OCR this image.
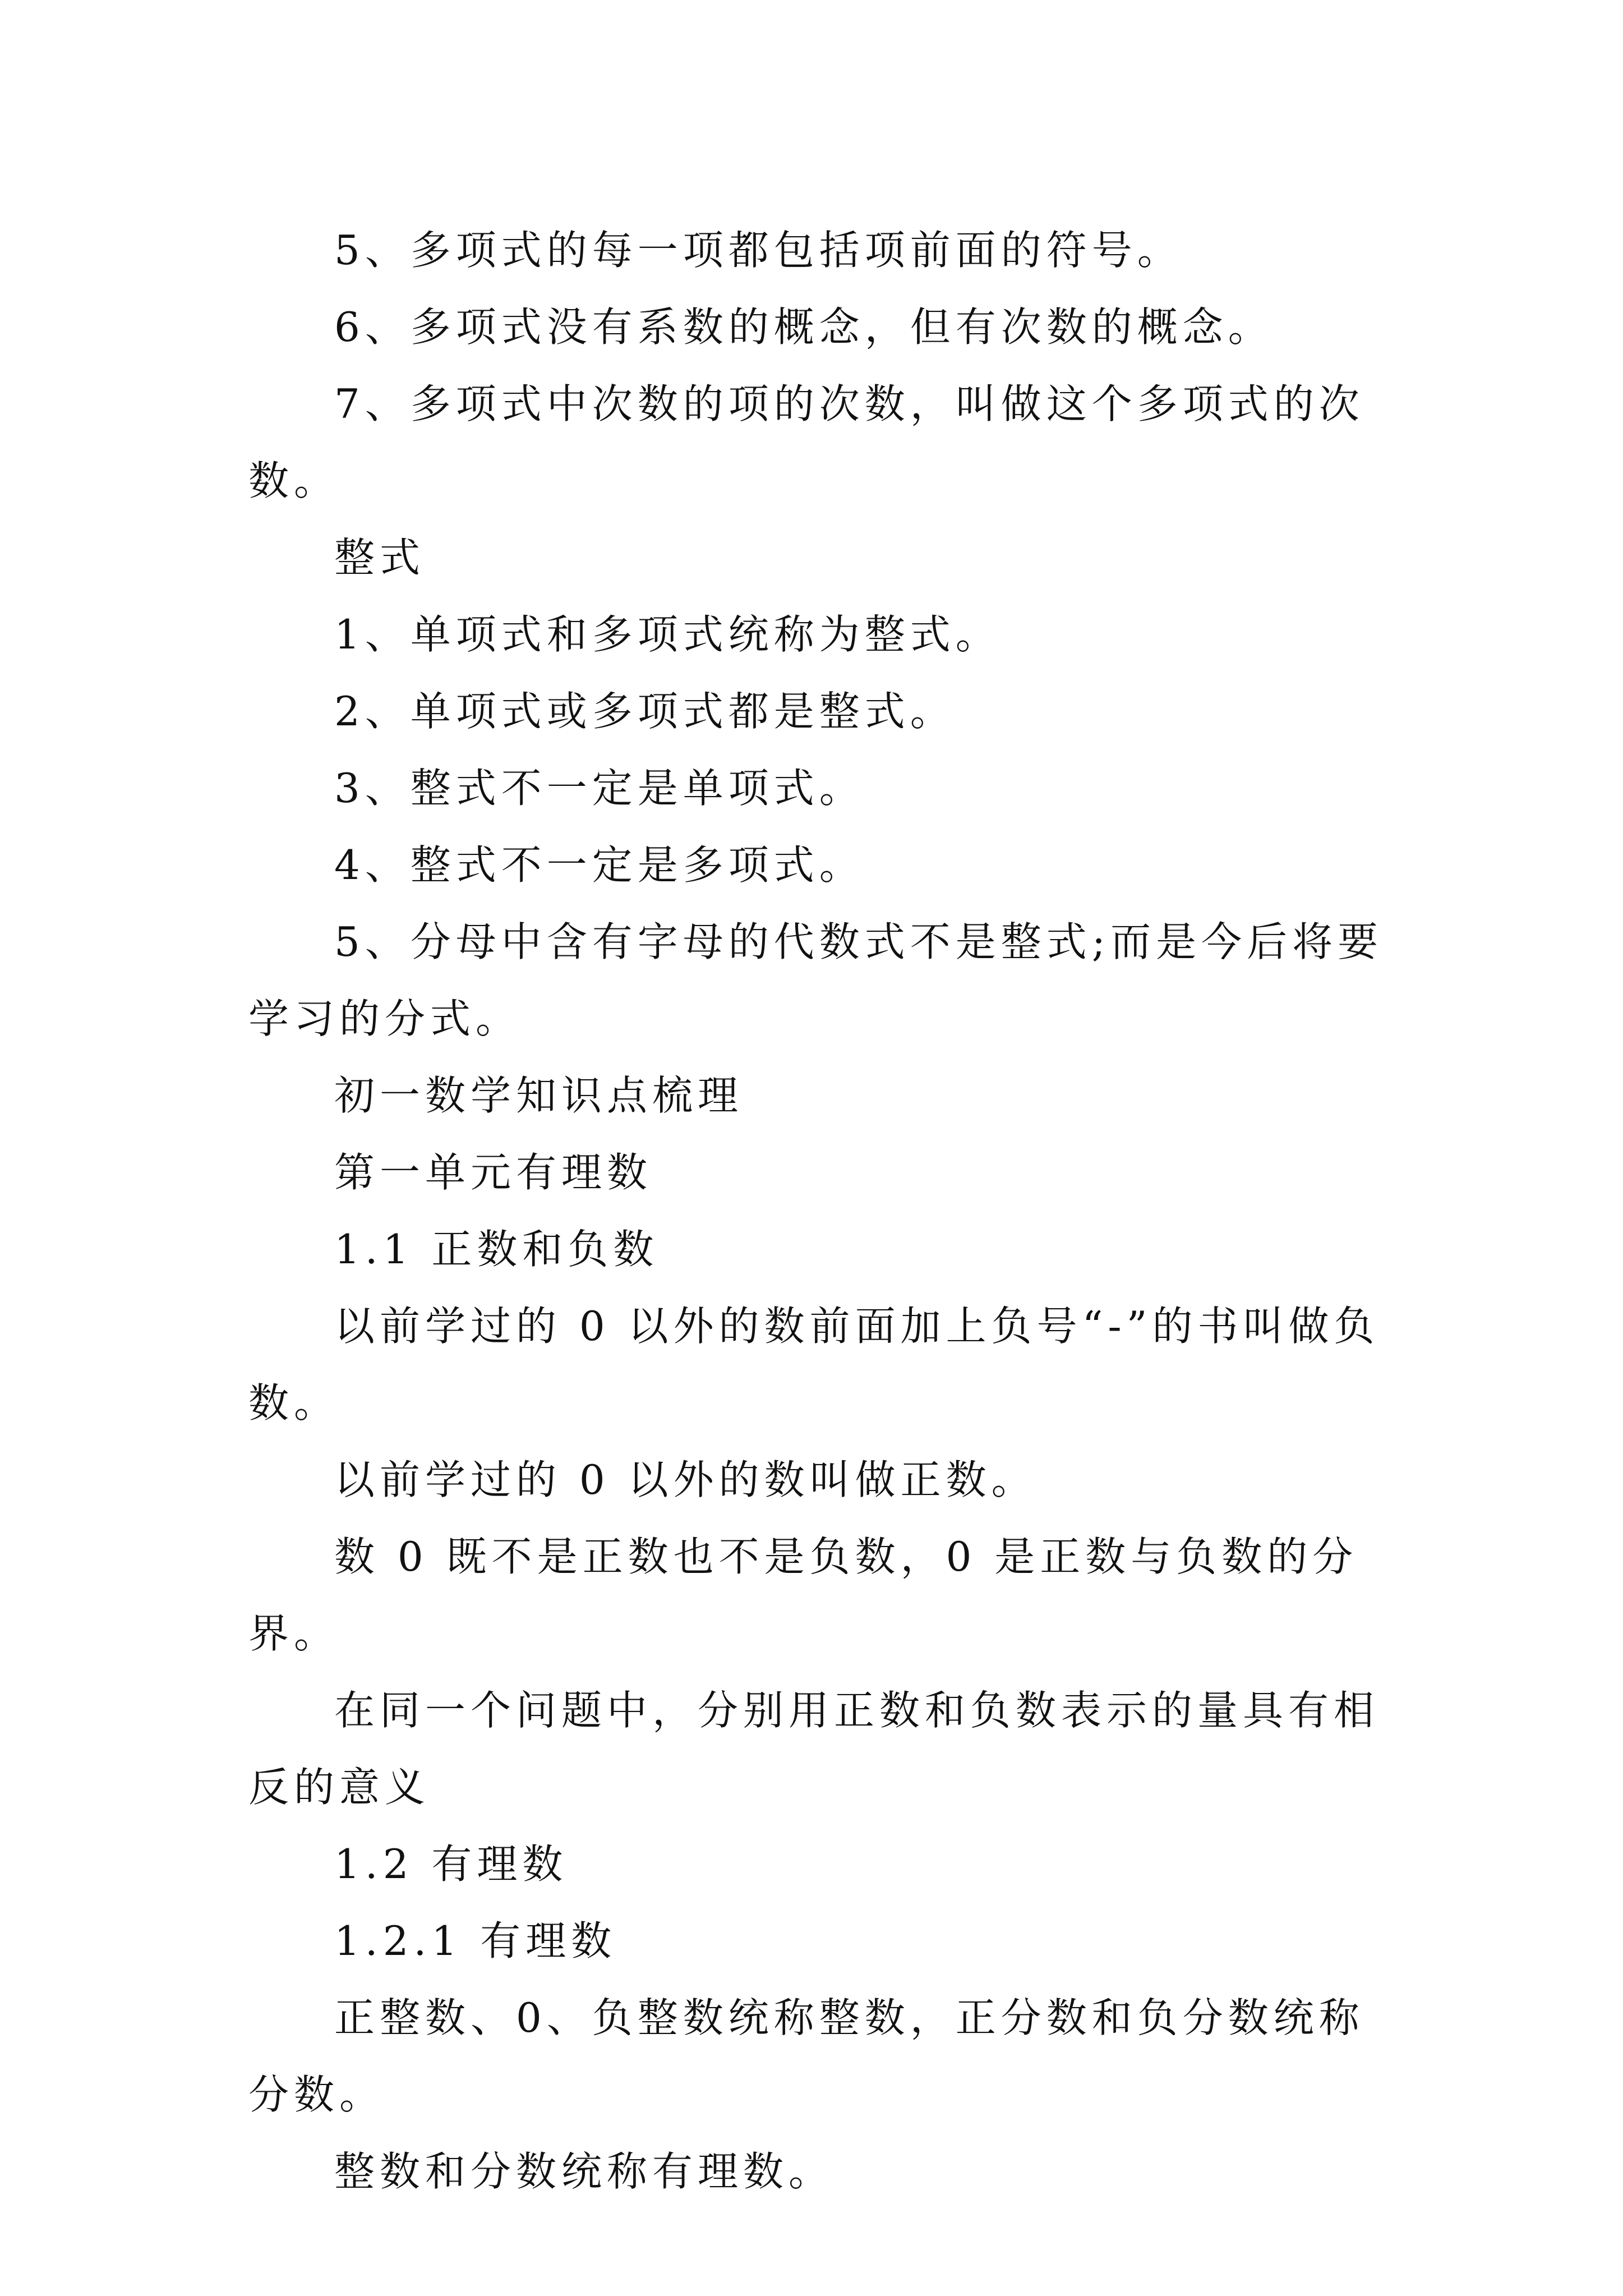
5、多项式的每一项都包括项前面的符号。

6、多项式没有系数的概念，但有次数的概念。

7、多项式中次数的项的次数，叫做这个多项式的次数。

整式

1、单项式和多项式统称为整式。

2、单项式或多项式都是整式。

3、整式不一定是单项式。

4、整式不一定是多项式。

5、分母中含有字母的代数式不是整式;而是今后将要学习的分式。

初一数学知识点梳理

第一单元有理数

1.1 正数和负数

以前学过的 0 以外的数前面加上负号“-”的书叫做负数。

以前学过的 0 以外的数叫做正数。

数 0 既不是正数也不是负数，0 是正数与负数的分界。

在同一个问题中，分别用正数和负数表示的量具有相反的意义

1.2 有理数

1.2.1 有理数

正整数、0、负整数统称整数，正分数和负分数统称分数。

整数和分数统称有理数。
